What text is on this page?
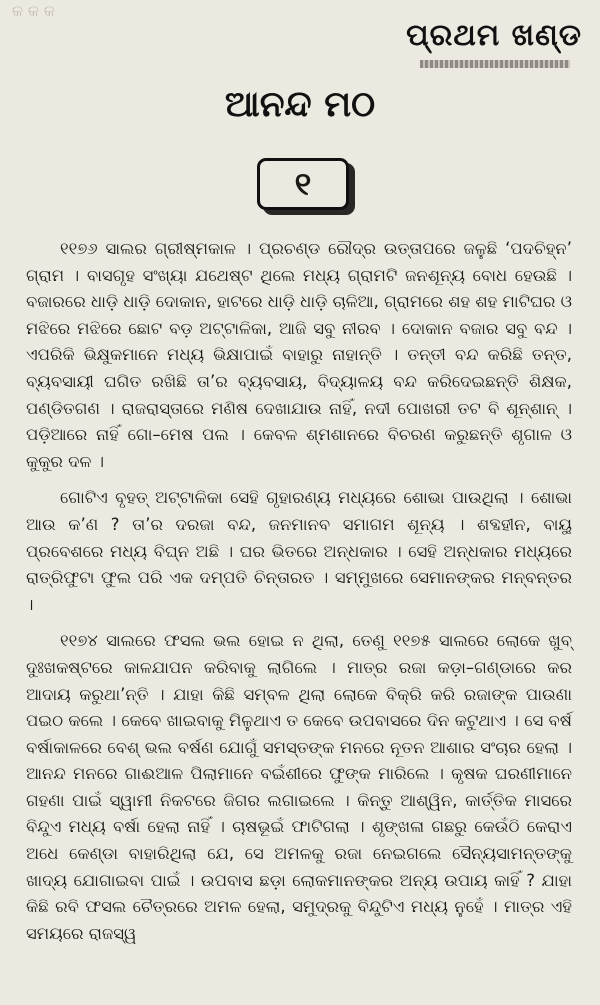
କ କ କ
ପ୍ରଥମ ଖଣ୍ଡ
ଆନନ୍ଦ ମଠ
୧

୧୧୭୬ ସାଲର ଗ୍ରୀଷ୍ମକାଳ । ପ୍ରଚଣ୍ଡ ରୌଦ୍ର ଉତ୍ତାପରେ ଜଳୁଛି ‘ପଦଚିହ୍ନ’ ଗ୍ରାମ । ବାସଗୃହ ସଂଖ୍ୟା ଯଥେଷ୍ଟ ଥିଲେ ମଧ୍ୟ ଗ୍ରାମଟି ଜନଶୂନ୍ୟ ବୋଧ ହେଉଛି । ବଜାରରେ ଧାଡ଼ି ଧାଡ଼ି ଦୋକାନ, ହାଟରେ ଧାଡ଼ି ଧାଡ଼ି ଚାଳିଆ, ଗ୍ରାମରେ ଶହ ଶହ ମାଟିଘର ଓ ମଝିରେ ମଝିରେ ଛୋଟ ବଡ଼ ଅଟ୍ଟାଳିକା, ଆଜି ସବୁ ନୀରବ । ଦୋକାନ ବଜାର ସବୁ ବନ୍ଦ । ଏପରିକି ଭିକ୍ଷୁକମାନେ ମଧ୍ୟ ଭିକ୍ଷାପାଇଁ ବାହାରୁ ନାହାନ୍ତି । ତନ୍ତୀ ବନ୍ଦ କରିଛି ତନ୍ତ, ବ୍ୟବସାୟୀ ଘଗିତ ରଖିଛି ତା’ର ବ୍ୟବସାୟ, ବିଦ୍ୟାଳୟ ବନ୍ଦ କରିଦେଇଛନ୍ତି ଶିକ୍ଷକ, ପଣ୍ଡିତଗଣ । ରାଜରାସ୍ତାରେ ମଣିଷ ଦେଖାଯାଉ ନାହିଁ, ନଦୀ ପୋଖରୀ ତଟ ବି ଶୂନ୍‌ଶାନ୍ । ପଡ଼ିଆରେ ନାହିଁ ଗୋ–ମେଷ ପଲ । କେବଳ ଶ୍ମଶାନରେ ବିଚରଣ କରୁଛନ୍ତି ଶୃଗାଳ ଓ କୁକୁର ଦଳ ।

ଗୋଟିଏ ବୃହତ୍ ଅଟ୍ଟାଳିକା ସେହି ଗୃହାରଣ୍ୟ ମଧ୍ୟରେ ଶୋଭା ପାଉଥିଲା । ଶୋଭା ଆଉ କ’ଣ ? ତା’ର ଦରଜା ବନ୍ଦ, ଜନମାନବ ସମାଗମ ଶୂନ୍ୟ । ଶବ୍ଦହୀନ, ବାୟୁ ପ୍ରବେଶରେ ମଧ୍ୟ ବିଘ୍ନ ଅଛି । ଘର ଭିତରେ ଅନ୍ଧକାର । ସେହି ଅନ୍ଧକାର ମଧ୍ୟରେ ରାତ୍ରିଫୁଟା ଫୁଲ ପରି ଏକ ଦମ୍ପତି ଚିନ୍ତାରତ । ସମ୍ମୁଖରେ ସେମାନଙ୍କର ମନ୍ବନ୍ତର ।

୧୧୭୪ ସାଲରେ ଫସଲ ଭଲ ହୋଇ ନ ଥିଲା, ତେଣୁ ୧୧୭୫ ସାଲରେ ଲୋକେ ଖୁବ୍ ଦୁଃଖକଷ୍ଟରେ କାଳଯାପନ କରିବାକୁ ଲାଗିଲେ । ମାତ୍ର ରଜା କଡ଼ା–ଗଣ୍ଡାରେ କର ଆଦାୟ କରୁଥା’ନ୍ତି । ଯାହା କିଛି ସମ୍ବଳ ଥିଲା ଲୋକେ ବିକ୍ରି କରି ରଜାଙ୍କ ପାଉଣା ପଇଠ କଲେ । କେବେ ଖାଇବାକୁ ମିଳୁଥାଏ ତ କେବେ ଉପବାସରେ ଦିନ କଟୁଥାଏ । ସେ ବର୍ଷ ବର୍ଷାକାଳରେ ବେଶ୍ ଭଲ ବର୍ଷଣ ଯୋଗୁଁ ସମସ୍ତଙ୍କ ମନରେ ନୂତନ ଆଶାର ସଂଚାର ହେଲା । ଆନନ୍ଦ ମନରେ ଗାଈଆଳ ପିଲାମାନେ ବଇଁଶୀରେ ଫୁଙ୍କ ମାରିଲେ । କୃଷକ ଘରଣୀମାନେ ଗହଣା ପାଇଁ ସ୍ୱାମୀ ନିକଟରେ ଜିଗର ଲଗାଇଲେ । କିନ୍ତୁ ଆଶ୍ୱିନ, କାର୍ତ୍ତିକ ମାସରେ ବିନ୍ଦୁଏ ମଧ୍ୟ ବର୍ଷା ହେଲା ନାହିଁ । ଚାଷଭୂଇଁ ଫାଟିଗଲା । ଶୃଙ୍ଖଳା ଗଛରୁ କେଉଁଠି କେରାଏ ଅଧେ କେଣ୍ଡା ବାହାରିଥିଲା ଯେ, ସେ ଅମଳକୁ ରଜା ନେଇଗଲେ ସୈନ୍ୟସାମନ୍ତଙ୍କୁ ଖାଦ୍ୟ ଯୋଗାଇବା ପାଇଁ । ଉପବାସ ଛଡ଼ା ଲୋକମାନଙ୍କର ଅନ୍ୟ ଉପାୟ କାହିଁ ? ଯାହା କିଛି ରବି ଫସଲ ଚୈତ୍ରରେ ଅମଳ ହେଲା, ସମୁଦ୍ରକୁ ବିନ୍ଦୁଟିଏ ମଧ୍ୟ ନୁହେଁ । ମାତ୍ର ଏହି ସମୟରେ ରାଜସ୍ୱ
